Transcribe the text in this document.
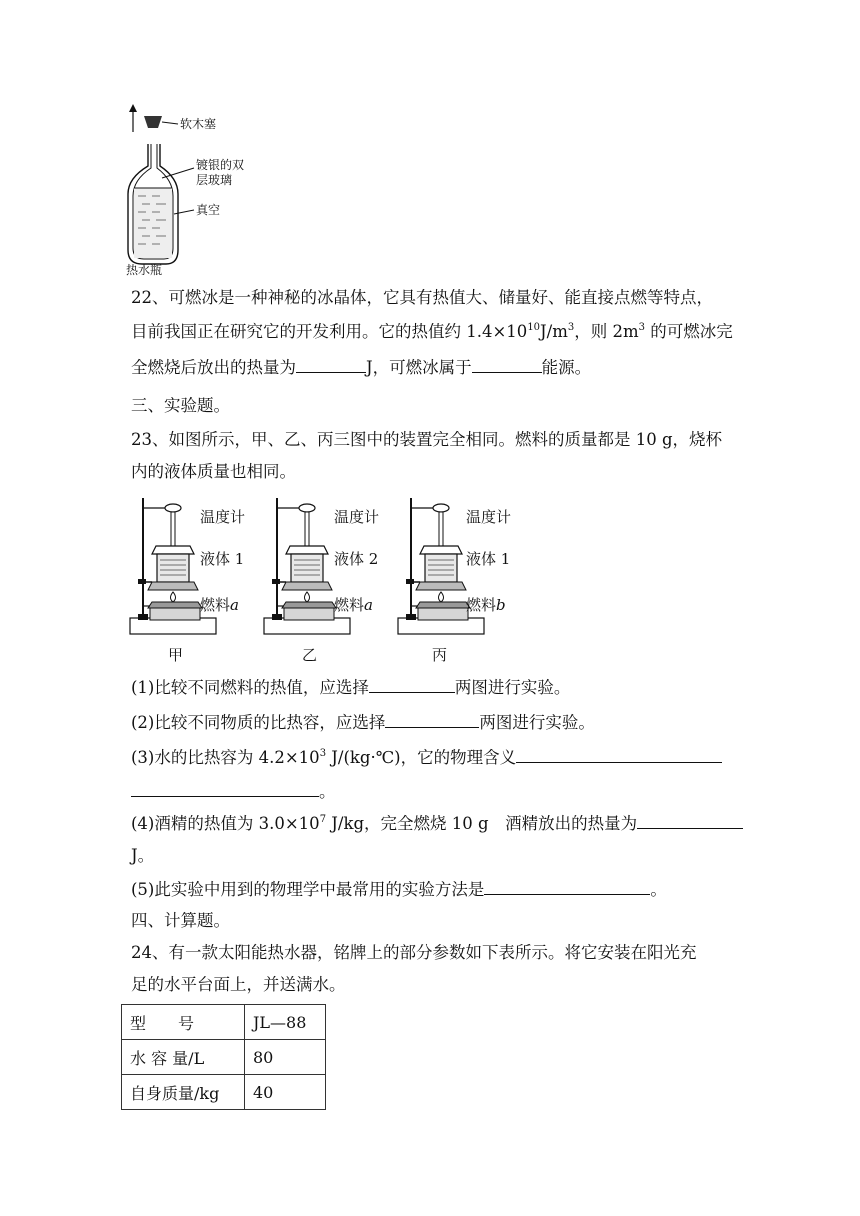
软木塞
镀银的双
层玻璃
真空
热水瓶
22、可燃冰是一种神秘的冰晶体，它具有热值大、储量好、能直接点燃等特点，
目前我国正在研究它的开发利用。它的热值约 $1.4\times 10^{10}J/m^3$，则 $2m^3$ 的可燃冰完
全燃烧后放出的热量为	J，可燃冰属于	能源。
三、实验题。
23、如图所示，甲、乙、丙三图中的装置完全相同。燃料的质量都是 10 g，烧杯
内的液体质量也相同。
温度计
液体 1
燃料a
甲
温度计
液体 2
燃料a
乙
温度计
液体 1
燃料b
丙
(1)比较不同燃料的热值，应选择	两图进行实验。
(2)比较不同物质的比热容，应选择	两图进行实验。
(3)水的比热容为 $4.2\times 10^3$ J/(kg·℃)，它的物理含义
。
(4)酒精的热值为 $3.0\times 10^7$ J/kg，完全燃烧 10 g　酒精放出的热量为
J。
(5)此实验中用到的物理学中最常用的实验方法是	。
四、计算题。
24、有一款太阳能热水器，铭牌上的部分参数如下表所示。将它安装在阳光充
足的水平台面上，并送满水。
型　　号	JL—88
水 容 量/L	80
自身质量/kg	40
